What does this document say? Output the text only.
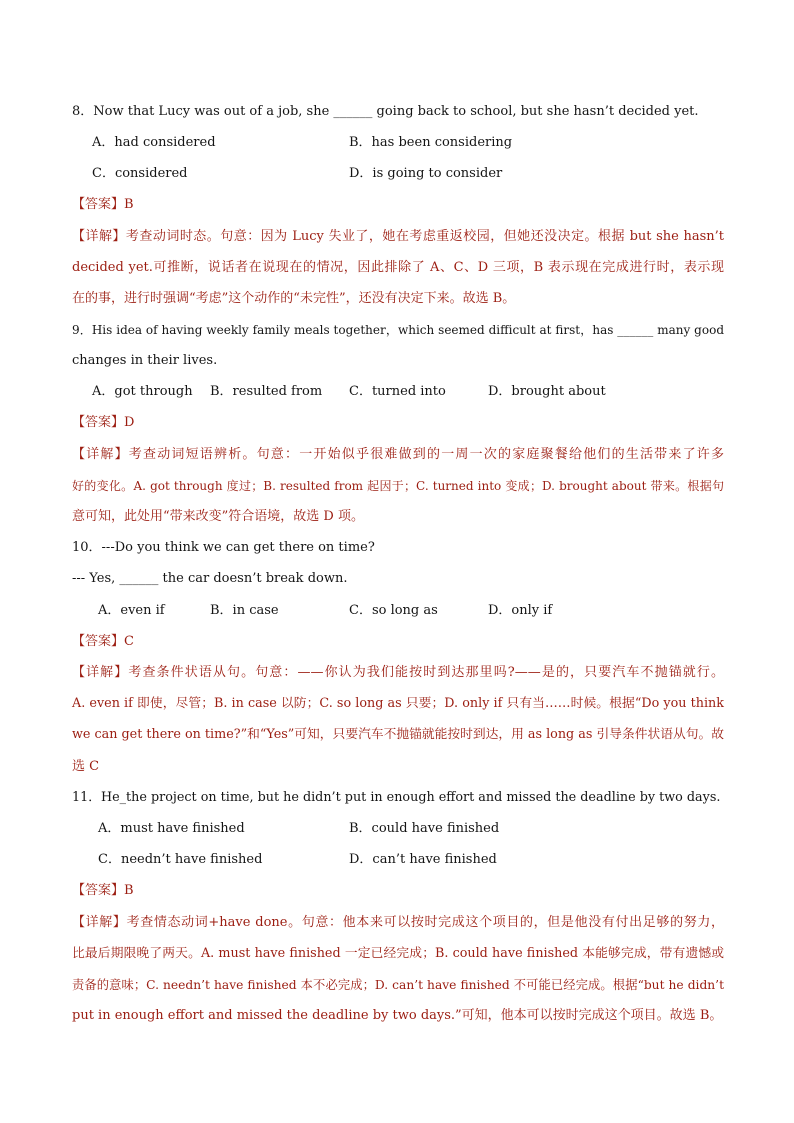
8．Now that Lucy was out of a job, she ______ going back to school, but she hasn’t decided yet.
A．had considered	B．has been considering
C．considered	D．is going to consider
【答案】B
【详解】考查动词时态。句意：因为 Lucy 失业了，她在考虑重返校园，但她还没决定。根据 but she hasn’t
decided yet.可推断，说话者在说现在的情况，因此排除了 A、C、D 三项，B 表示现在完成进行时，表示现
在的事，进行时强调“考虑”这个动作的“未完性”，还没有决定下来。故选 B。
9．His idea of having weekly family meals together，which seemed difficult at first，has ______ many good
changes in their lives.
A．got through B．resulted from C．turned into	D．brought about
【答案】D
【详解】考查动词短语辨析。句意：一开始似乎很难做到的一周一次的家庭聚餐给他们的生活带来了许多
好的变化。A. got through 度过；B. resulted from 起因于；C. turned into 变成；D. brought about 带来。根据句
意可知，此处用“带来改变”符合语境，故选 D 项。
10．---Do you think we can get there on time?
--- Yes, ______ the car doesn’t break down.
A．even if	B．in case	C．so long as	D．only if
【答案】C
【详解】考查条件状语从句。句意：——你认为我们能按时到达那里吗?——是的，只要汽车不抛锚就行。
A. even if 即使，尽管；B. in case 以防；C. so long as 只要；D. only if 只有当……时候。根据“Do you think
we can get there on time?”和“Yes”可知，只要汽车不抛锚就能按时到达，用 as long as 引导条件状语从句。故
选 C
11．He_the project on time, but he didn’t put in enough effort and missed the deadline by two days.
A．must have finished	B．could have finished
C．needn’t have finished	D．can’t have finished
【答案】B
【详解】考查情态动词+have done。句意：他本来可以按时完成这个项目的，但是他没有付出足够的努力，
比最后期限晚了两天。A. must have finished 一定已经完成；B. could have finished 本能够完成，带有遗憾或
责备的意味；C. needn’t have finished 本不必完成；D. can’t have finished 不可能已经完成。根据“but he didn’t
put in enough effort and missed the deadline by two days.”可知，他本可以按时完成这个项目。故选 B。
